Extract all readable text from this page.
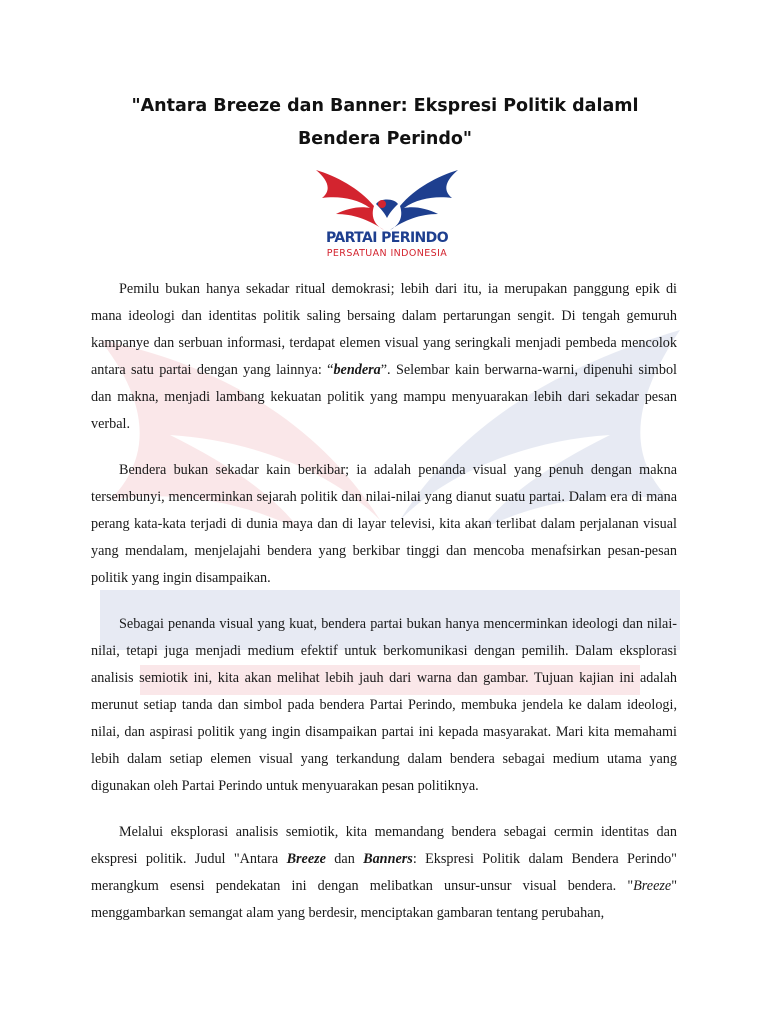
"Antara Breeze dan Banner: Ekspresi Politik dalaml Bendera Perindo"
PARTAI PERINDO
PERSATUAN INDONESIA

Pemilu bukan hanya sekadar ritual demokrasi; lebih dari itu, ia merupakan panggung epik di mana ideologi dan identitas politik saling bersaing dalam pertarungan sengit. Di tengah gemuruh kampanye dan serbuan informasi, terdapat elemen visual yang seringkali menjadi pembeda mencolok antara satu partai dengan yang lainnya: “bendera”. Selembar kain berwarna-warni, dipenuhi simbol dan makna, menjadi lambang kekuatan politik yang mampu menyuarakan lebih dari sekadar pesan verbal.

Bendera bukan sekadar kain berkibar; ia adalah penanda visual yang penuh dengan makna tersembunyi, mencerminkan sejarah politik dan nilai-nilai yang dianut suatu partai. Dalam era di mana perang kata-kata terjadi di dunia maya dan di layar televisi, kita akan terlibat dalam perjalanan visual yang mendalam, menjelajahi bendera yang berkibar tinggi dan mencoba menafsirkan pesan-pesan politik yang ingin disampaikan.

Sebagai penanda visual yang kuat, bendera partai bukan hanya mencerminkan ideologi dan nilai-nilai, tetapi juga menjadi medium efektif untuk berkomunikasi dengan pemilih. Dalam eksplorasi analisis semiotik ini, kita akan melihat lebih jauh dari warna dan gambar. Tujuan kajian ini adalah merunut setiap tanda dan simbol pada bendera Partai Perindo, membuka jendela ke dalam ideologi, nilai, dan aspirasi politik yang ingin disampaikan partai ini kepada masyarakat. Mari kita memahami lebih dalam setiap elemen visual yang terkandung dalam bendera sebagai medium utama yang digunakan oleh Partai Perindo untuk menyuarakan pesan politiknya.

Melalui eksplorasi analisis semiotik, kita memandang bendera sebagai cermin identitas dan ekspresi politik. Judul "Antara Breeze dan Banners: Ekspresi Politik dalam Bendera Perindo" merangkum esensi pendekatan ini dengan melibatkan unsur-unsur visual bendera. "Breeze" menggambarkan semangat alam yang berdesir, menciptakan gambaran tentang perubahan,
